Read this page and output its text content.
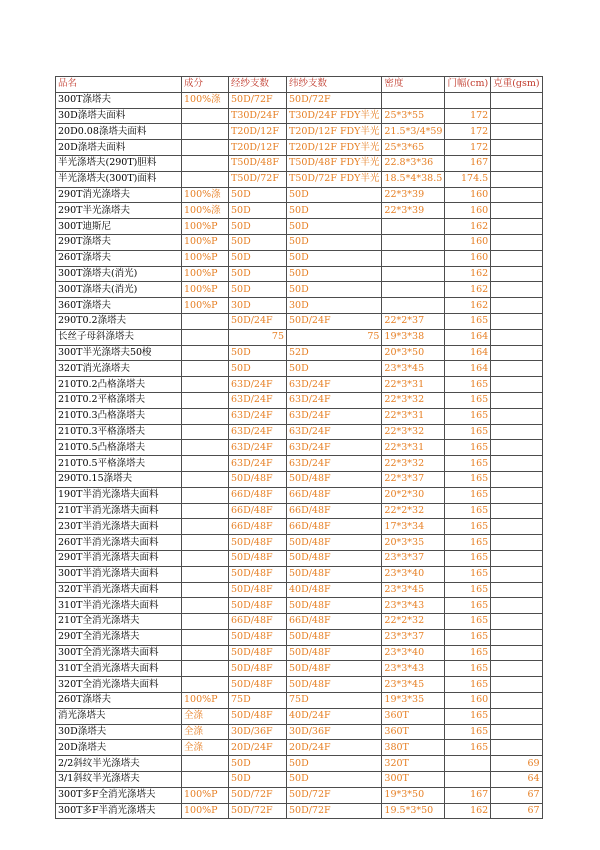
品名	成分	经纱支数	纬纱支数	密度	门幅(cm)	克重(gsm)
300T涤塔夫	100%涤	50D/72F	50D/72F			
30D涤塔夫面料		T30D/24F	T30D/24F FDY半光	25*3*55	172	
20D0.08涤塔夫面料		T20D/12F	T20D/12F FDY半光	21.5*3/4*59	172	
20D涤塔夫面料		T20D/12F	T20D/12F FDY半光	25*3*65	172	
半光涤塔夫(290T)胆料		T50D/48F	T50D/48F FDY半光	22.8*3*36	167	
半光涤塔夫(300T)面料		T50D/72F	T50D/72F FDY半光	18.5*4*38.5	174.5	
290T消光涤塔夫	100%涤	50D	50D	22*3*39	160	
290T半光涤塔夫	100%涤	50D	50D	22*3*39	160	
300T迪斯尼	100%P	50D	50D		162	
290T涤塔夫	100%P	50D	50D		160	
260T涤塔夫	100%P	50D	50D		160	
300T涤塔夫(消光)	100%P	50D	50D		162	
300T涤塔夫(消光)	100%P	50D	50D		162	
360T涤塔夫	100%P	30D	30D		162	
290T0.2涤塔夫		50D/24F	50D/24F	22*2*37	165	
长丝子母斜涤塔夫		75	75	19*3*38	164	
300T半光涤塔夫50梭		50D	52D	20*3*50	164	
320T消光涤塔夫		50D	50D	23*3*45	164	
210T0.2凸格涤塔夫		63D/24F	63D/24F	22*3*31	165	
210T0.2平格涤塔夫		63D/24F	63D/24F	22*3*32	165	
210T0.3凸格涤塔夫		63D/24F	63D/24F	22*3*31	165	
210T0.3平格涤塔夫		63D/24F	63D/24F	22*3*32	165	
210T0.5凸格涤塔夫		63D/24F	63D/24F	22*3*31	165	
210T0.5平格涤塔夫		63D/24F	63D/24F	22*3*32	165	
290T0.15涤塔夫		50D/48F	50D/48F	22*3*37	165	
190T半消光涤塔夫面料		66D/48F	66D/48F	20*2*30	165	
210T半消光涤塔夫面料		66D/48F	66D/48F	22*2*32	165	
230T半消光涤塔夫面料		66D/48F	66D/48F	17*3*34	165	
260T半消光涤塔夫面料		50D/48F	50D/48F	20*3*35	165	
290T半消光涤塔夫面料		50D/48F	50D/48F	23*3*37	165	
300T半消光涤塔夫面料		50D/48F	50D/48F	23*3*40	165	
320T半消光涤塔夫面料		50D/48F	40D/48F	23*3*45	165	
310T半消光涤塔夫面料		50D/48F	50D/48F	23*3*43	165	
210T全消光涤塔夫		66D/48F	66D/48F	22*2*32	165	
290T全消光涤塔夫		50D/48F	50D/48F	23*3*37	165	
300T全消光涤塔夫面料		50D/48F	50D/48F	23*3*40	165	
310T全消光涤塔夫面料		50D/48F	50D/48F	23*3*43	165	
320T全消光涤塔夫面料		50D/48F	50D/48F	23*3*45	165	
260T涤塔夫	100%P	75D	75D	19*3*35	160	
消光涤塔夫	全涤	50D/48F	40D/24F	360T	165	
30D涤塔夫	全涤	30D/36F	30D/36F	360T	165	
20D涤塔夫	全涤	20D/24F	20D/24F	380T	165	
2/2斜纹半光涤塔夫		50D	50D	320T		69
3/1斜纹半光涤塔夫		50D	50D	300T		64
300T多F全消光涤塔夫	100%P	50D/72F	50D/72F	19*3*50	167	67
300T多F半消光涤塔夫	100%P	50D/72F	50D/72F	19.5*3*50	162	67
